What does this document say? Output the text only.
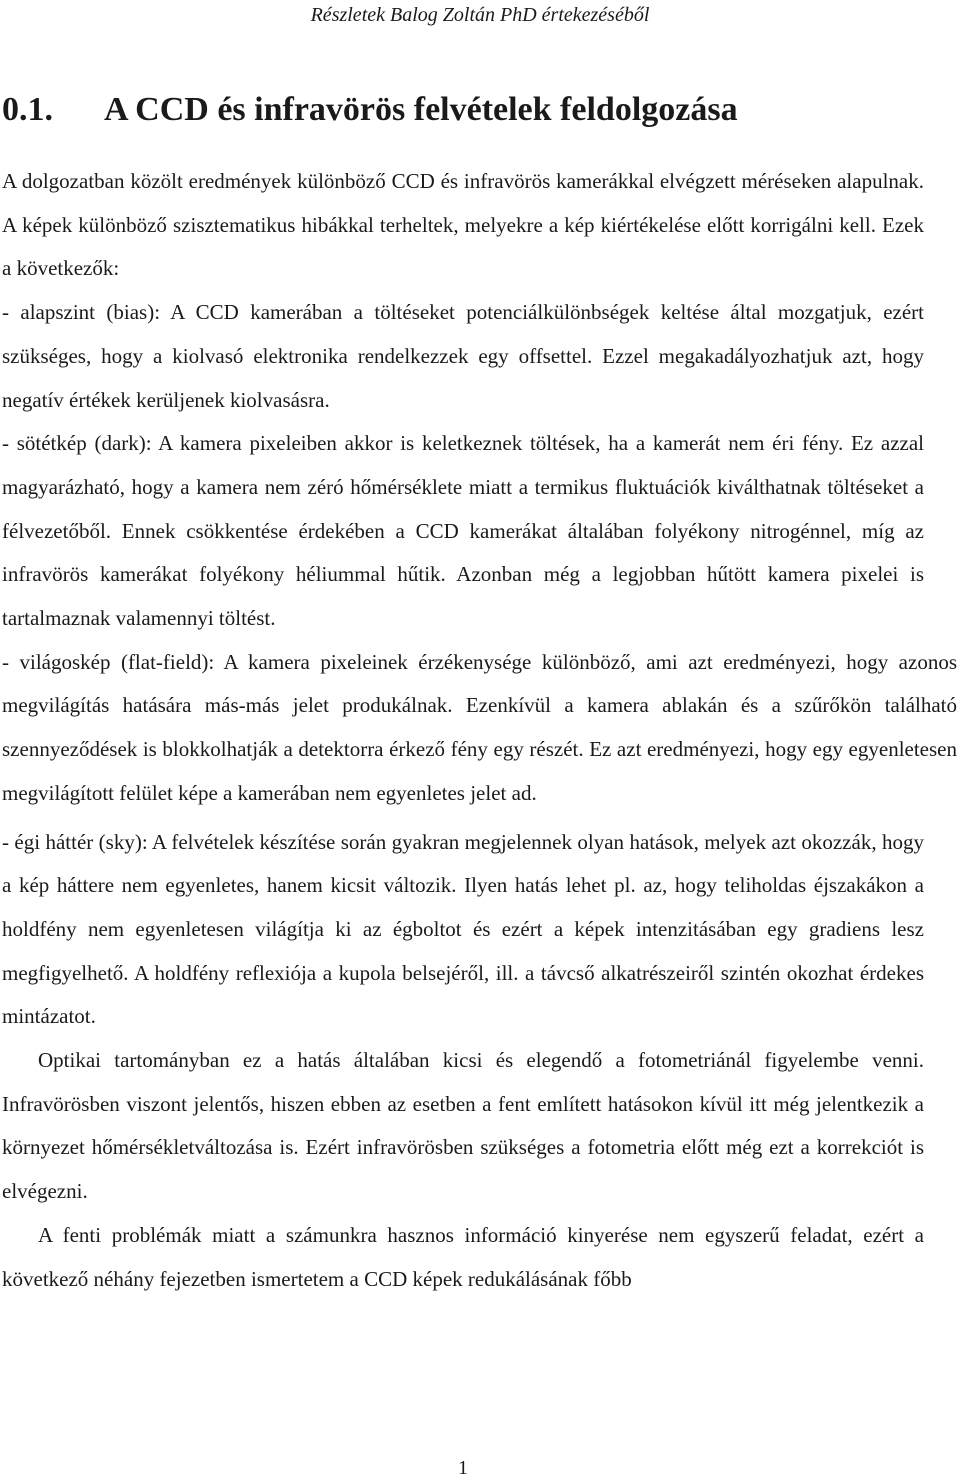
Részletek Balog Zoltán PhD értekezéséből
0.1. A CCD és infravörös felvételek feldolgozása

A dolgozatban közölt eredmények különböző CCD és infravörös kamerákkal elvégzett méréseken alapulnak. A képek különböző szisztematikus hibákkal terheltek, melyekre a kép kiértékelése előtt korrigálni kell. Ezek a következők:

- alapszint (bias): A CCD kamerában a töltéseket potenciálkülönbségek keltése által mozgatjuk, ezért szükséges, hogy a kiolvasó elektronika rendelkezzek egy offsettel. Ezzel megakadályozhatjuk azt, hogy negatív értékek kerüljenek kiolvasásra.

- sötétkép (dark): A kamera pixeleiben akkor is keletkeznek töltések, ha a kamerát nem éri fény. Ez azzal magyarázható, hogy a kamera nem zéró hőmérséklete miatt a termikus fluktuációk kiválthatnak töltéseket a félvezetőből. Ennek csökkentése érdekében a CCD kamerákat általában folyékony nitrogénnel, míg az infravörös kamerákat folyékony héliummal hűtik. Azonban még a legjobban hűtött kamera pixelei is tartalmaznak valamennyi töltést.

- világoskép (flat-field): A kamera pixeleinek érzékenysége különböző, ami azt eredményezi, hogy azonos megvilágítás hatására más-más jelet produkálnak. Ezenkívül a kamera ablakán és a szűrőkön található szennyeződések is blokkolhatják a detektorra érkező fény egy részét. Ez azt eredményezi, hogy egy egyenletesen megvilágított felület képe a kamerában nem egyenletes jelet ad.

- égi háttér (sky): A felvételek készítése során gyakran megjelennek olyan hatások, melyek azt okozzák, hogy a kép háttere nem egyenletes, hanem kicsit változik. Ilyen hatás lehet pl. az, hogy teliholdas éjszakákon a holdfény nem egyenletesen világítja ki az égboltot és ezért a képek intenzitásában egy gradiens lesz megfigyelhető. A holdfény reflexiója a kupola belsejéről, ill. a távcső alkatrészeiről szintén okozhat érdekes mintázatot.

Optikai tartományban ez a hatás általában kicsi és elegendő a fotometriánál figyelembe venni. Infravörösben viszont jelentős, hiszen ebben az esetben a fent említett hatásokon kívül itt még jelentkezik a környezet hőmérsékletváltozása is. Ezért infravörösben szükséges a fotometria előtt még ezt a korrekciót is elvégezni.

A fenti problémák miatt a számunkra hasznos információ kinyerése nem egyszerű feladat, ezért a következő néhány fejezetben ismertetem a CCD képek redukálásának főbb

1
